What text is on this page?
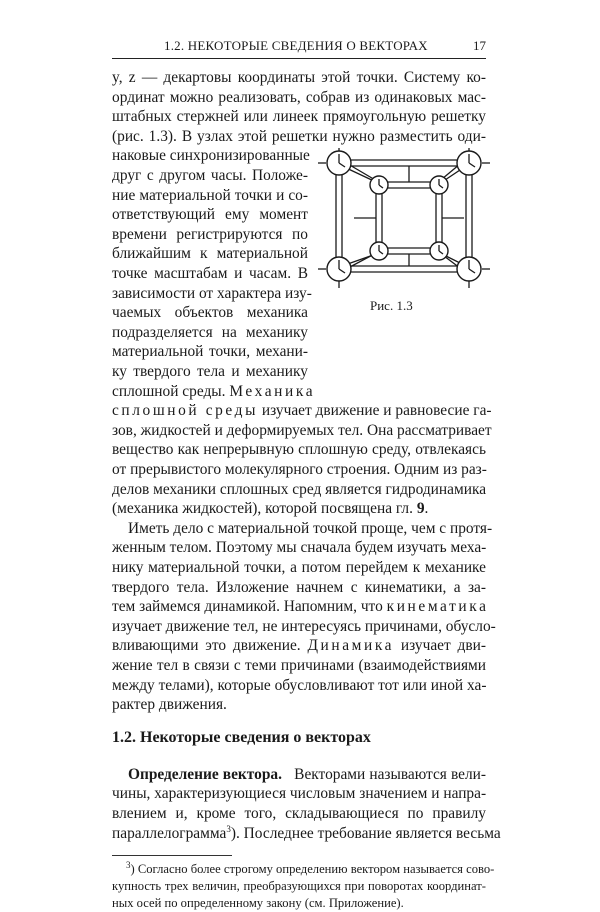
1.2. НЕКОТОРЫЕ СВЕДЕНИЯ О ВЕКТОРАХ	17
y, z — декартовы координаты этой точки. Систему ко-
ординат можно реализовать, собрав из одинаковых мас-
штабных стержней или линеек прямоугольную решетку
(рис. 1.3). В узлах этой решетки нужно разместить оди-
наковые синхронизированные
друг с другом часы. Положе-
ние материальной точки и со-
ответствующий ему момент
времени регистрируются по
ближайшим к материальной
точке масштабам и часам. В
зависимости от характера изу-
чаемых объектов механика
подразделяется на механику
материальной точки, механи-
ку твердого тела и механику
сплошной среды. Механика
Рис. 1.3
сплошной среды изучает движение и равновесие га-
зов, жидкостей и деформируемых тел. Она рассматривает
вещество как непрерывную сплошную среду, отвлекаясь
от прерывистого молекулярного строения. Одним из раз-
делов механики сплошных сред является гидродинамика
(механика жидкостей), которой посвящена гл. 9.
Иметь дело с материальной точкой проще, чем с протя-
женным телом. Поэтому мы сначала будем изучать меха-
нику материальной точки, а потом перейдем к механике
твердого тела. Изложение начнем с кинематики, а за-
тем займемся динамикой. Напомним, что кинематика
изучает движение тел, не интересуясь причинами, обусло-
вливающими это движение. Динамика изучает дви-
жение тел в связи с теми причинами (взаимодействиями
между телами), которые обусловливают тот или иной ха-
рактер движения.
1.2. Некоторые сведения о векторах
Определение вектора.   Векторами называются вели-
чины, характеризующиеся числовым значением и напра-
влением и, кроме того, складывающиеся по правилу
параллелограмма$^3$). Последнее требование является весьма
$^3$) Согласно более строгому определению вектором называется сово-
купность трех величин, преобразующихся при поворотах координат-
ных осей по определенному закону (см. Приложение).
